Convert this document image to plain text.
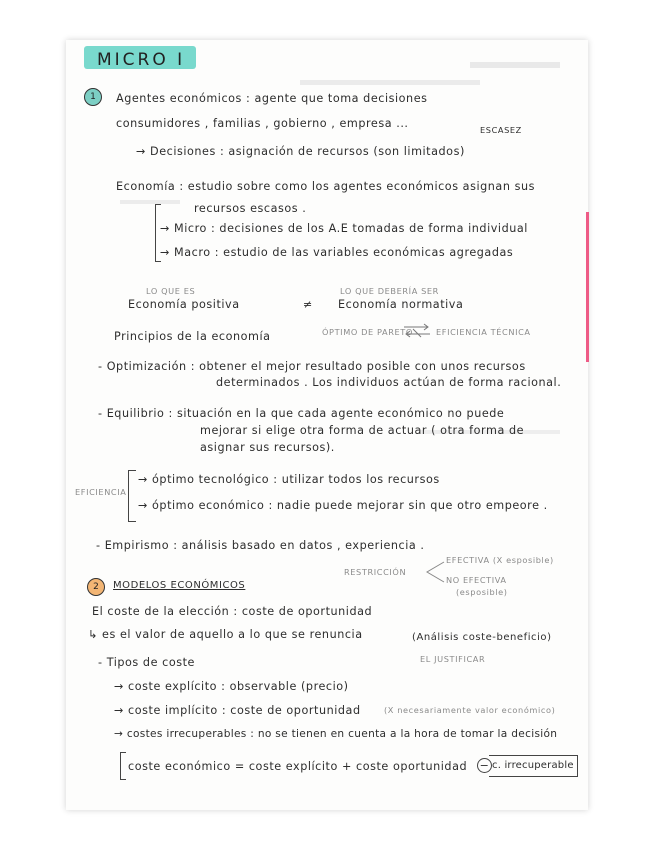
MICRO I
1	Agentes económicos : agente que toma decisiones
consumidores , familias , gobierno , empresa ...	ESCASEZ
→ Decisiones : asignación de recursos (son limitados)
Economía : estudio sobre como los agentes económicos asignan sus
recursos escasos .
→ Micro : decisiones de los A.E tomadas de forma individual
→ Macro : estudio de las variables económicas agregadas
LO QUE ES	LO QUE DEBERÍA SER
Economía positiva	≠ Economía normativa
Principios de la economía	ÓPTIMO DE PARETO	EFICIENCIA TÉCNICA
- Optimización : obtener el mejor resultado posible con unos recursos
determinados . Los individuos actúan de forma racional.
- Equilibrio : situación en la que cada agente económico no puede
mejorar si elige otra forma de actuar ( otra forma de
asignar sus recursos).
EFICIENCIA
→ óptimo tecnológico : utilizar todos los recursos
→ óptimo económico : nadie puede mejorar sin que otro empeore .
- Empirismo : análisis basado en datos , experiencia .
EFECTIVA (X esposible)
RESTRICCIÓN
NO EFECTIVA
(esposible)
2	MODELOS ECONÓMICOS
El coste de la elección : coste de oportunidad
↳ es el valor de aquello a lo que se renuncia	(Análisis coste-beneficio)
EL JUSTIFICAR
- Tipos de coste
→ coste explícito : observable (precio)
→ coste implícito : coste de oportunidad	(X necesariamente valor económico)
→ costes irrecuperables : no se tienen en cuenta a la hora de tomar la decisión
coste económico = coste explícito + coste oportunidad − c. irrecuperable
